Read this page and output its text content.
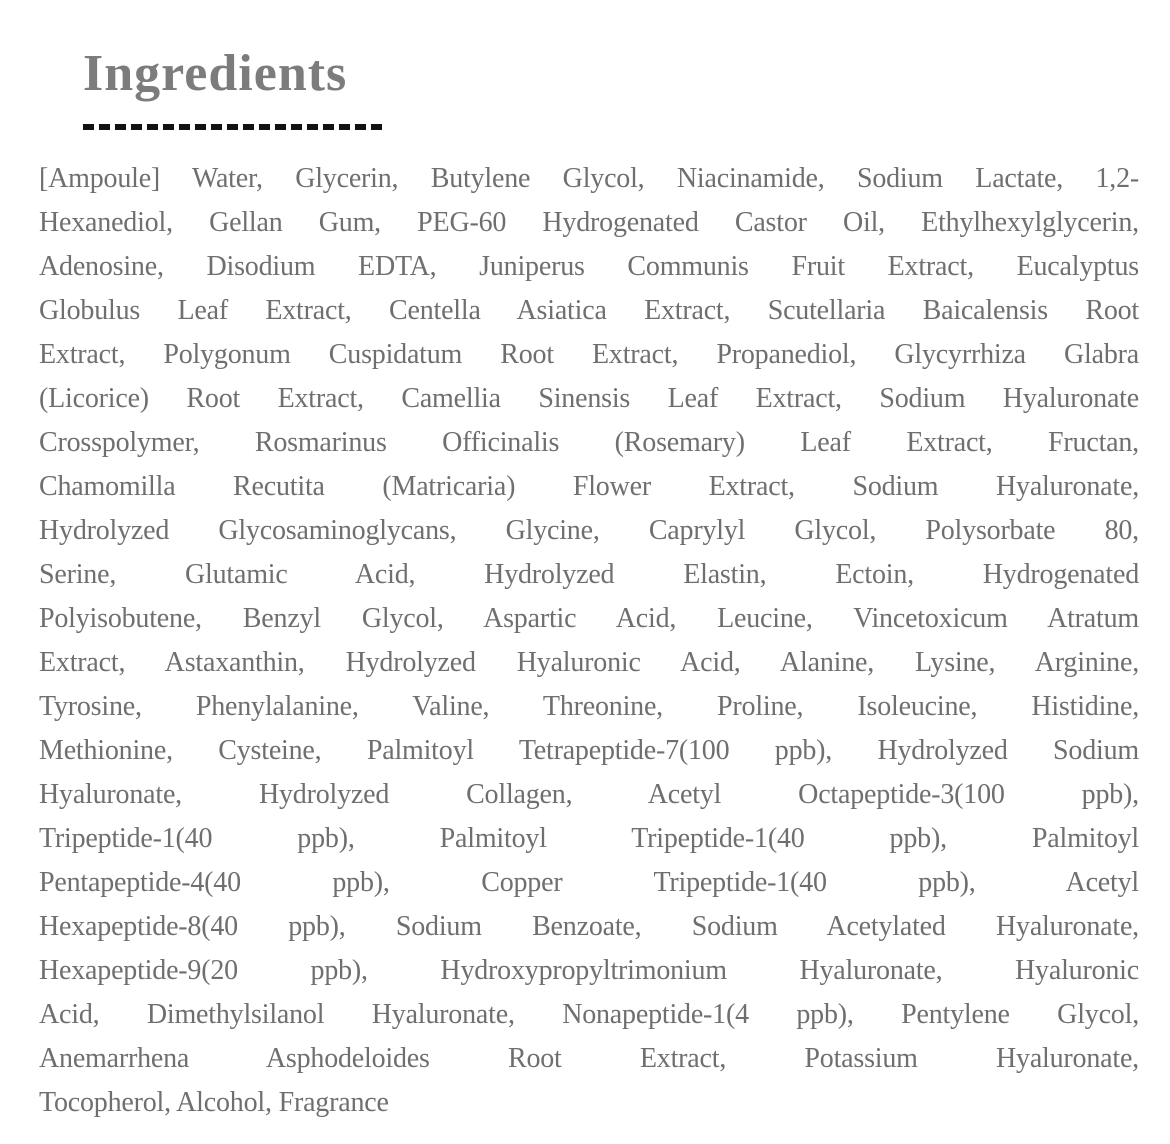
Ingredients
[Ampoule] Water, Glycerin, Butylene Glycol, Niacinamide, Sodium Lactate, 1,2-
Hexanediol, Gellan Gum, PEG-60 Hydrogenated Castor Oil, Ethylhexylglycerin,
Adenosine, Disodium EDTA, Juniperus Communis Fruit Extract, Eucalyptus
Globulus Leaf Extract, Centella Asiatica Extract, Scutellaria Baicalensis Root
Extract, Polygonum Cuspidatum Root Extract, Propanediol, Glycyrrhiza Glabra
(Licorice) Root Extract, Camellia Sinensis Leaf Extract, Sodium Hyaluronate
Crosspolymer, Rosmarinus Officinalis (Rosemary) Leaf Extract, Fructan,
Chamomilla Recutita (Matricaria) Flower Extract, Sodium Hyaluronate,
Hydrolyzed Glycosaminoglycans, Glycine, Caprylyl Glycol, Polysorbate 80,
Serine, Glutamic Acid, Hydrolyzed Elastin, Ectoin, Hydrogenated
Polyisobutene, Benzyl Glycol, Aspartic Acid, Leucine, Vincetoxicum Atratum
Extract, Astaxanthin, Hydrolyzed Hyaluronic Acid, Alanine, Lysine, Arginine,
Tyrosine, Phenylalanine, Valine, Threonine, Proline, Isoleucine, Histidine,
Methionine, Cysteine, Palmitoyl Tetrapeptide-7(100 ppb), Hydrolyzed Sodium
Hyaluronate, Hydrolyzed Collagen, Acetyl Octapeptide-3(100 ppb),
Tripeptide-1(40 ppb), Palmitoyl Tripeptide-1(40 ppb), Palmitoyl
Pentapeptide-4(40 ppb), Copper Tripeptide-1(40 ppb), Acetyl
Hexapeptide-8(40 ppb), Sodium Benzoate, Sodium Acetylated Hyaluronate,
Hexapeptide-9(20 ppb), Hydroxypropyltrimonium Hyaluronate, Hyaluronic
Acid, Dimethylsilanol Hyaluronate, Nonapeptide-1(4 ppb), Pentylene Glycol,
Anemarrhena Asphodeloides Root Extract, Potassium Hyaluronate,
Tocopherol, Alcohol, Fragrance
